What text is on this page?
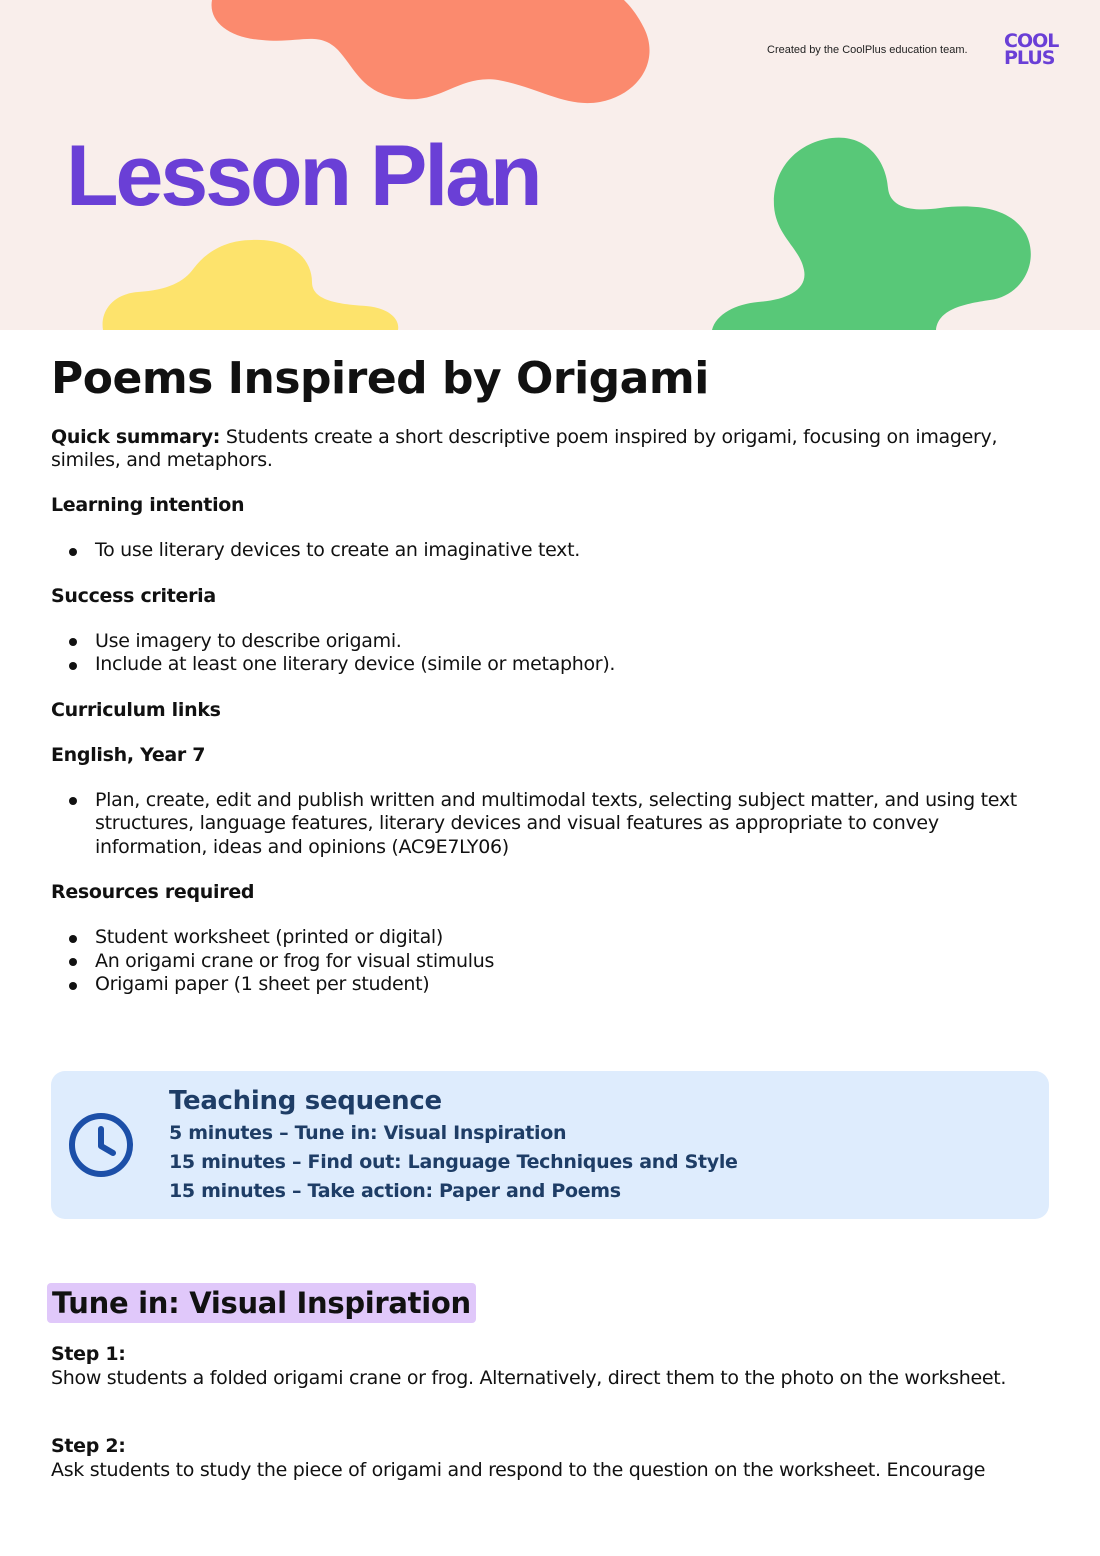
Created by the CoolPlus education team. COOL
PLUS
Lesson Plan
Poems Inspired by Origami

Quick summary: Students create a short descriptive poem inspired by origami, focusing on imagery, similes, and metaphors.

Learning intention
To use literary devices to create an imaginative text.
Success criteria
Use imagery to describe origami.
Include at least one literary device (simile or metaphor).
Curriculum links
English, Year 7
Plan, create, edit and publish written and multimodal texts, selecting subject matter, and using text structures, language features, literary devices and visual features as appropriate to convey information, ideas and opinions (AC9E7LY06)
Resources required
Student worksheet (printed or digital)
An origami crane or frog for visual stimulus
Origami paper (1 sheet per student)
Teaching sequence
5 minutes – Tune in: Visual Inspiration
15 minutes – Find out: Language Techniques and Style
15 minutes – Take action: Paper and Poems
Tune in: Visual Inspiration
Step 1:
Show students a folded origami crane or frog. Alternatively, direct them to the photo on the worksheet.
Step 2:
Ask students to study the piece of origami and respond to the question on the worksheet. Encourage
